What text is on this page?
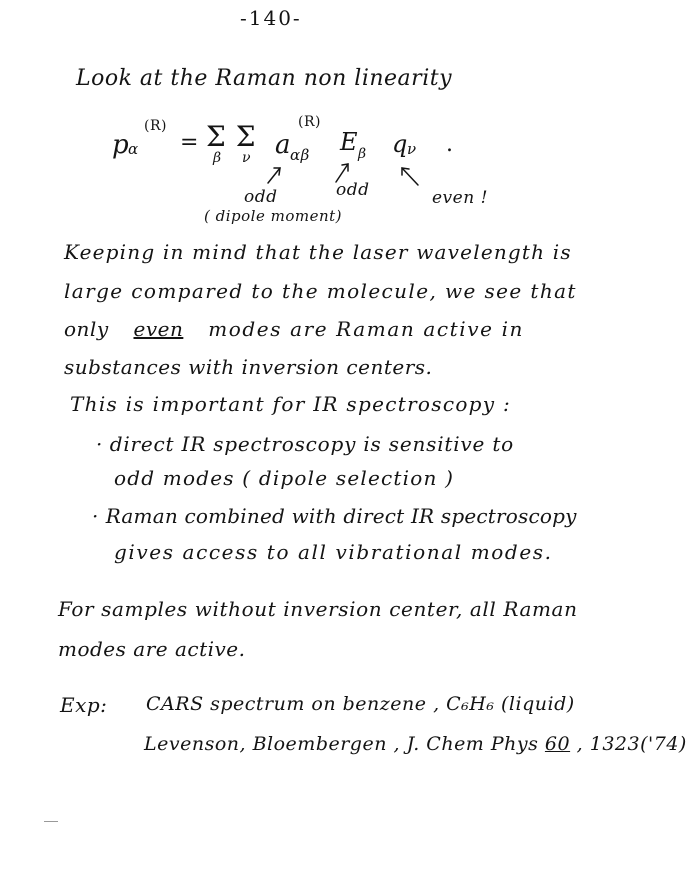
-140-
Look at the Raman non linearity
p
α
(R)
= Σ Σ
β ν a
αβ
(R)
E β q ν .
odd
( dipole moment)
odd	even !
Keeping in mind that the laser wavelength is
large compared to the molecule, we see that
only even modes are Raman active in
substances with inversion centers.
This is important for IR spectroscopy :
· direct IR spectroscopy is sensitive to
odd modes ( dipole selection )
· Raman combined with direct IR spectroscopy
gives access to all vibrational modes.
For samples without inversion center, all Raman
modes are active.
Exp: CARS spectrum on benzene , C₆H₆ (liquid)
Levenson, Bloembergen , J. Chem Phys 60 , 1323('74)
